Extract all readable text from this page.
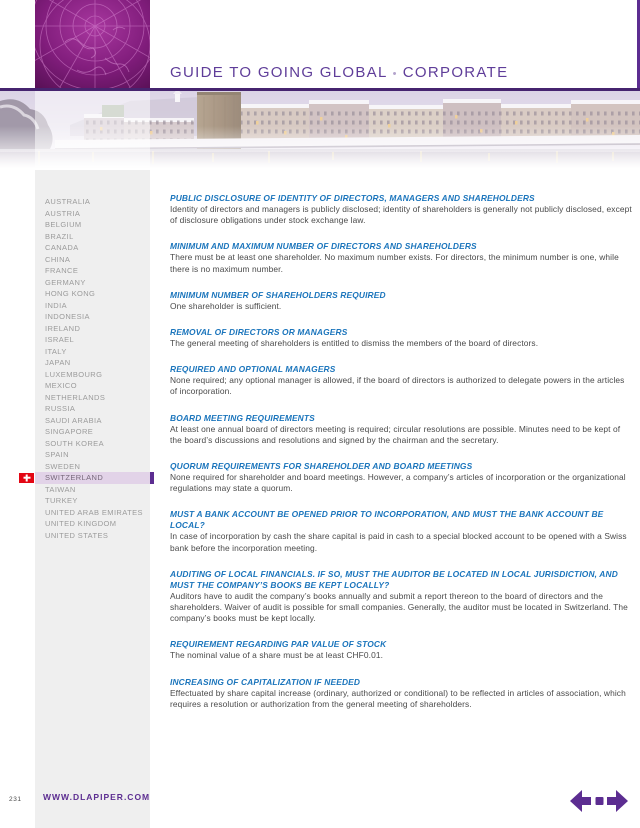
GUIDE TO GOING GLOBAL • CORPORATE
AUSTRALIA
AUSTRIA
BELGIUM
BRAZIL
CANADA
CHINA
FRANCE
GERMANY
HONG KONG
INDIA
INDONESIA
IRELAND
ISRAEL
ITALY
JAPAN
LUXEMBOURG
MEXICO
NETHERLANDS
RUSSIA
SAUDI ARABIA
SINGAPORE
SOUTH KOREA
SPAIN
SWEDEN
SWITZERLAND
TAIWAN
TURKEY
UNITED ARAB EMIRATES
UNITED KINGDOM
UNITED STATES
PUBLIC DISCLOSURE OF IDENTITY OF DIRECTORS, MANAGERS AND SHAREHOLDERS

Identity of directors and managers is publicly disclosed; identity of shareholders is generally not publicly disclosed, except of disclosure obligations under stock exchange law.

MINIMUM AND MAXIMUM NUMBER OF DIRECTORS AND SHAREHOLDERS

There must be at least one shareholder. No maximum number exists. For directors, the minimum number is one, while there is no maximum number.

MINIMUM NUMBER OF SHAREHOLDERS REQUIRED

One shareholder is sufficient.

REMOVAL OF DIRECTORS OR MANAGERS

The general meeting of shareholders is entitled to dismiss the members of the board of directors.

REQUIRED AND OPTIONAL MANAGERS

None required; any optional manager is allowed, if the board of directors is authorized to delegate powers in the articles of incorporation.

BOARD MEETING REQUIREMENTS

At least one annual board of directors meeting is required; circular resolutions are possible. Minutes need to be kept of the board’s discussions and resolutions and signed by the chairman and the secretary.

QUORUM REQUIREMENTS FOR SHAREHOLDER AND BOARD MEETINGS

None required for shareholder and board meetings. However, a company’s articles of incorporation or the organizational regulations may state a quorum.

MUST A BANK ACCOUNT BE OPENED PRIOR TO INCORPORATION, AND MUST THE BANK ACCOUNT BE LOCAL?

In case of incorporation by cash the share capital is paid in cash to a special blocked account to be opened with a Swiss bank before the incorporation meeting.

AUDITING OF LOCAL FINANCIALS. IF SO, MUST THE AUDITOR BE LOCATED IN LOCAL JURISDICTION, AND MUST THE COMPANY’S BOOKS BE KEPT LOCALLY?

Auditors have to audit the company’s books annually and submit a report thereon to the board of directors and the shareholders. Waiver of audit is possible for small companies. Generally, the auditor must be located in Switzerland. The company’s books must be kept locally.

REQUIREMENT REGARDING PAR VALUE OF STOCK

The nominal value of a share must be at least CHF0.01.

INCREASING OF CAPITALIZATION IF NEEDED

Effectuated by share capital increase (ordinary, authorized or conditional) to be reflected in articles of association, which requires a resolution or authorization from the general meeting of shareholders.

231	WWW.DLAPIPER.COM
